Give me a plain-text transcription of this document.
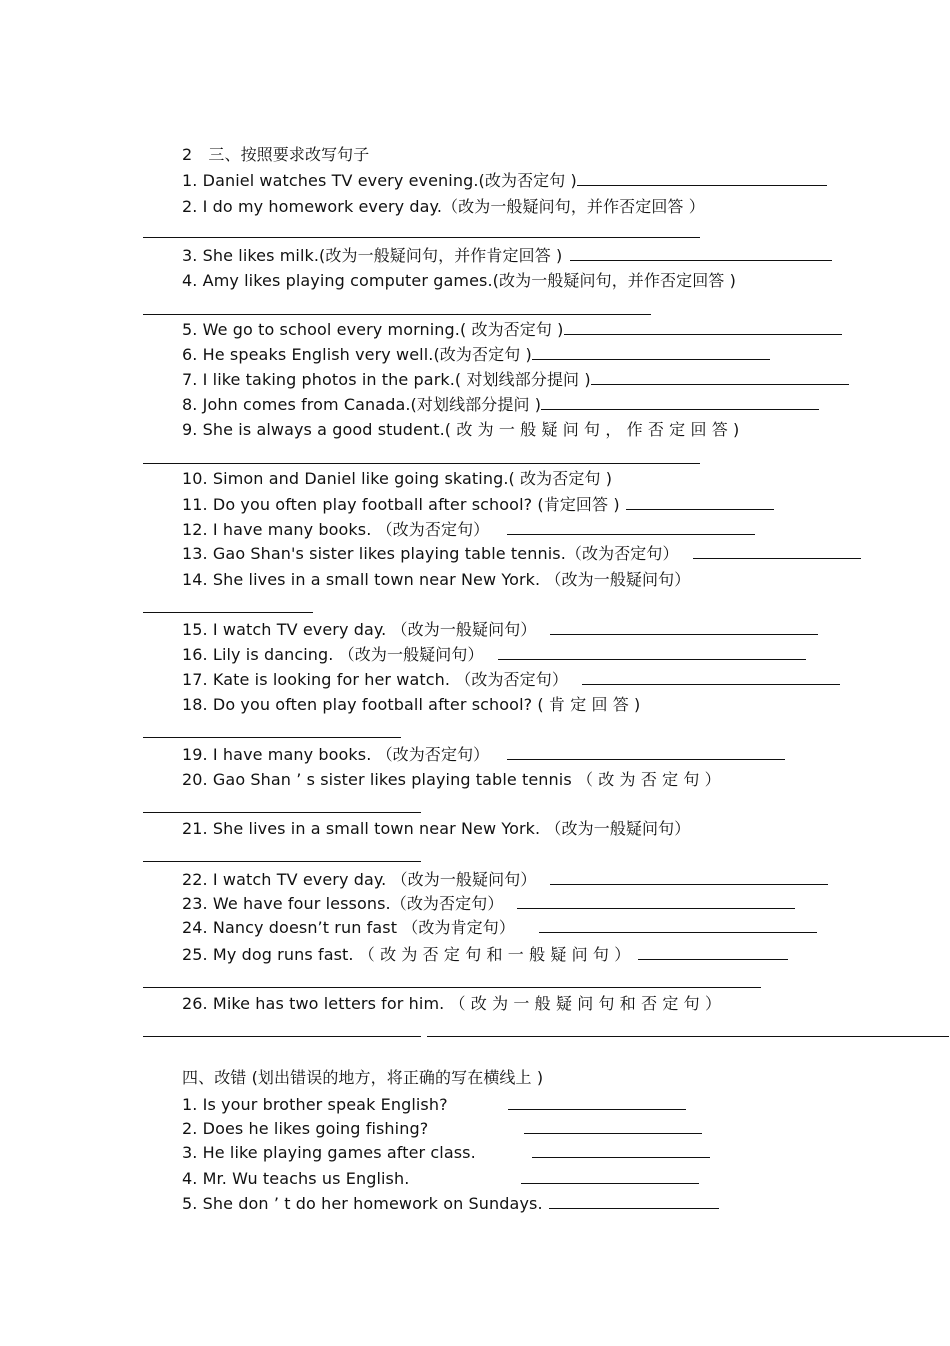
2　三、按照要求改写句子
1. Daniel watches TV every evening.(改为否定句 )
2. I do my homework every day.（改为一般疑问句，并作否定回答 ）
3. She likes milk.(改为一般疑问句，并作肯定回答 )
4. Amy likes playing computer games.(改为一般疑问句，并作否定回答 )
5. We go to school every morning.( 改为否定句 )
6. He speaks English very well.(改为否定句 )
7. I like taking photos in the park.( 对划线部分提问 )
8. John comes from Canada.(对划线部分提问 )
9. She is always a good student.( 改 为 一 般 疑 问 句 ， 作 否 定 回 答 )
10. Simon and Daniel like going skating.( 改为否定句 )
11. Do you often play football after school? (肯定回答 )
12. I have many books. （改为否定句）
13. Gao Shan's sister likes playing table tennis.（改为否定句）
14. She lives in a small town near New York. （改为一般疑问句）
15. I watch TV every day. （改为一般疑问句）
16. Lily is dancing. （改为一般疑问句）
17. Kate is looking for her watch. （改为否定句）
18. Do you often play football after school? ( 肯 定 回 答 )
19. I have many books. （改为否定句）
20. Gao Shan ’ s sister likes playing table tennis （ 改 为 否 定 句 ）
21. She lives in a small town near New York. （改为一般疑问句）
22. I watch TV every day. （改为一般疑问句）
23. We have four lessons.（改为否定句）
24. Nancy doesn’t run fast （改为肯定句）
25. My dog runs fast. （ 改 为 否 定 句 和 一 般 疑 问 句 ）
26. Mike has two letters for him. （ 改 为 一 般 疑 问 句 和 否 定 句 ）
四、改错 (划出错误的地方，将正确的写在横线上 )
1. Is your brother speak English?
2. Does he likes going fishing?
3. He like playing games after class.
4. Mr. Wu teachs us English.
5. She don ’ t do her homework on Sundays.
